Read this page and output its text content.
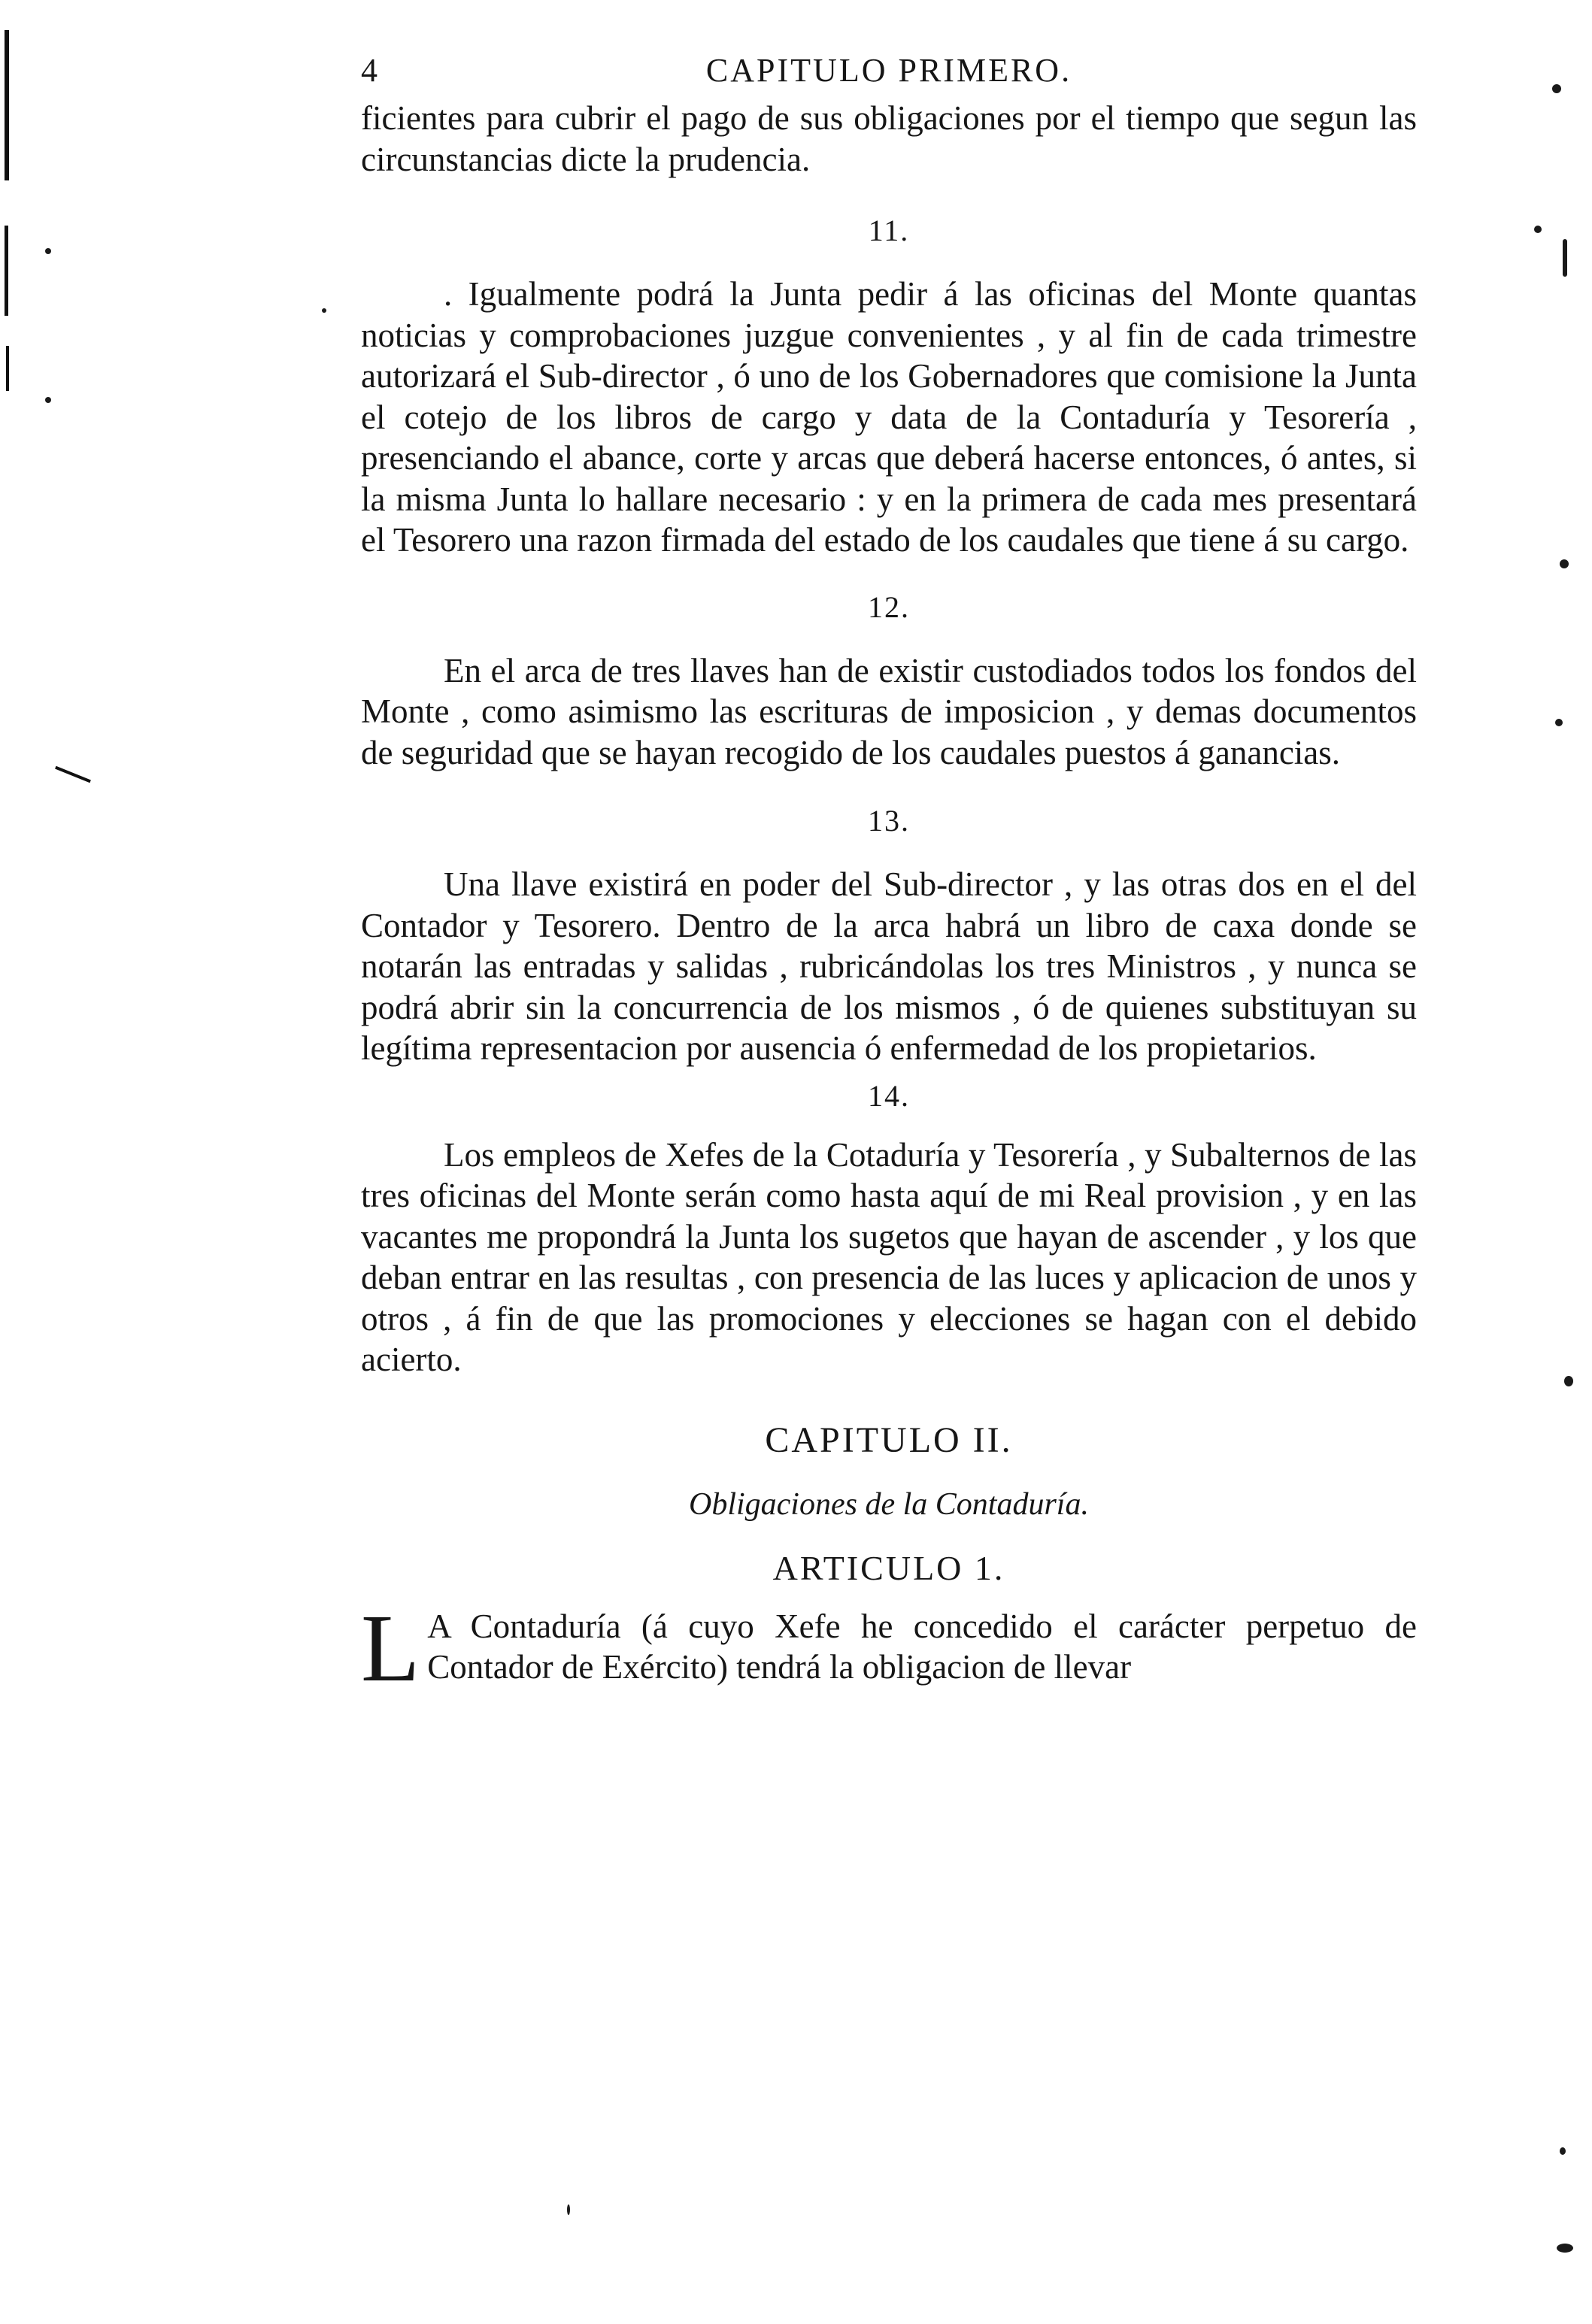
4	CAPITULO PRIMERO.

ficientes para cubrir el pago de sus obligaciones por el tiempo que segun las circunstancias dicte la prudencia.

11.

. Igualmente podrá la Junta pedir á las oficinas del Monte quantas noticias y comprobaciones juzgue convenientes , y al fin de cada trimestre autorizará el Sub-director , ó uno de los Gobernadores que comisione la Junta el cotejo de los libros de cargo y data de la Contaduría y Tesorería , presenciando el abance, corte y arcas que deberá hacerse entonces, ó antes, si la misma Junta lo hallare necesario : y en la primera de cada mes presentará el Tesorero una razon firmada del estado de los caudales que tiene á su cargo.

12.

En el arca de tres llaves han de existir custodiados todos los fondos del Monte , como asimismo las escrituras de imposicion , y demas documentos de seguridad que se hayan recogido de los caudales puestos á ganancias.

13.

Una llave existirá en poder del Sub-director , y las otras dos en el del Contador y Tesorero. Dentro de la arca habrá un libro de caxa donde se notarán las entradas y salidas , rubricándolas los tres Ministros , y nunca se podrá abrir sin la concurrencia de los mismos , ó de quienes substituyan su legítima representacion por ausencia ó enfermedad de los propietarios.

14.

Los empleos de Xefes de la Cotaduría y Tesorería , y Subalternos de las tres oficinas del Monte serán como hasta aquí de mi Real provision , y en las vacantes me propondrá la Junta los sugetos que hayan de ascender , y los que deban entrar en las resultas , con presencia de las luces y aplicacion de unos y otros , á fin de que las promociones y elecciones se hagan con el debido acierto.

CAPITULO II.

Obligaciones de la Contaduría.

ARTICULO 1.

L A Contaduría (á cuyo Xefe he concedido el carácter perpetuo de Contador de Exército) tendrá la obligacion de llevar
